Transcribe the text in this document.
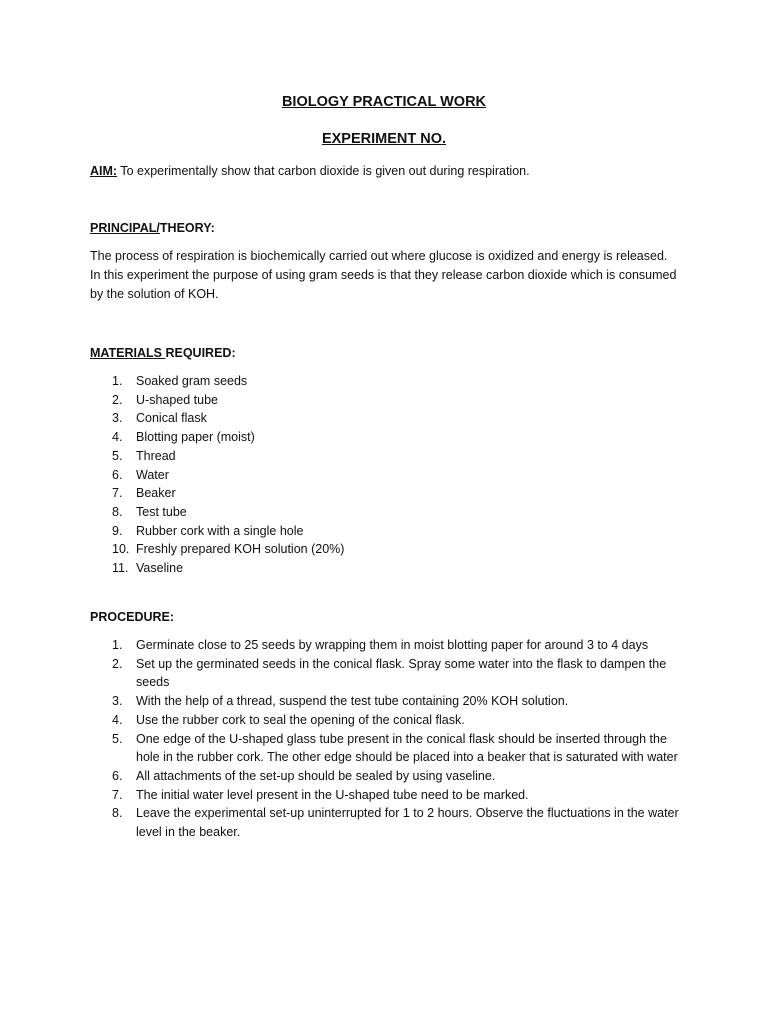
BIOLOGY PRACTICAL WORK
EXPERIMENT NO.
AIM: To experimentally show that carbon dioxide is given out during respiration.
PRINCIPAL/THEORY:
The process of respiration is biochemically carried out where glucose is oxidized and energy is released. In this experiment the purpose of using gram seeds is that they release carbon dioxide which is consumed by the solution of KOH.
MATERIALS REQUIRED:
1.	Soaked gram seeds
2.	U-shaped tube
3.	Conical flask
4.	Blotting paper (moist)
5.	Thread
6.	Water
7.	Beaker
8.	Test tube
9.	Rubber cork with a single hole
10. Freshly prepared KOH solution (20%)
11. Vaseline
PROCEDURE:
1.	Germinate close to 25 seeds by wrapping them in moist blotting paper for around 3 to 4 days
2.	Set up the germinated seeds in the conical flask. Spray some water into the flask to dampen the seeds
3.	With the help of a thread, suspend the test tube containing 20% KOH solution.
4.	Use the rubber cork to seal the opening of the conical flask.
5.	One edge of the U-shaped glass tube present in the conical flask should be inserted through the hole in the rubber cork. The other edge should be placed into a beaker that is saturated with water
6.	All attachments of the set-up should be sealed by using vaseline.
7.	The initial water level present in the U-shaped tube need to be marked.
8.	Leave the experimental set-up uninterrupted for 1 to 2 hours. Observe the fluctuations in the water level in the beaker.
